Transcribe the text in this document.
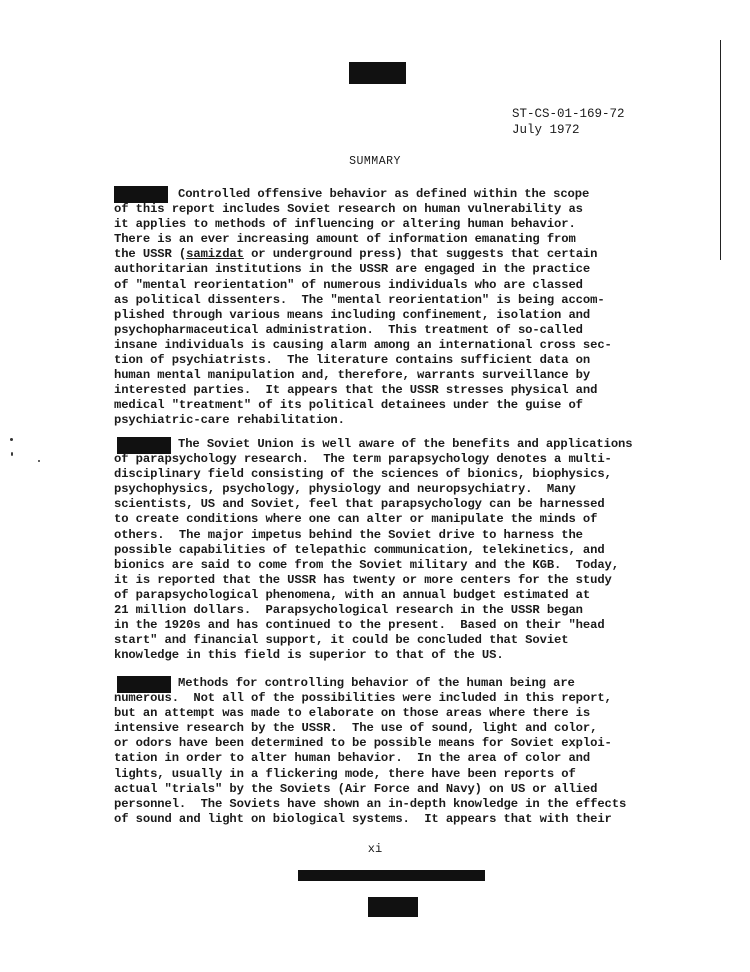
ST-CS-01-169-72
July 1972
SUMMARY
Controlled offensive behavior as defined within the scope
of this report includes Soviet research on human vulnerability as
it applies to methods of influencing or altering human behavior.
There is an ever increasing amount of information emanating from
the USSR (samizdat or underground press) that suggests that certain
authoritarian institutions in the USSR are engaged in the practice
of "mental reorientation" of numerous individuals who are classed
as political dissenters.  The "mental reorientation" is being accom-
plished through various means including confinement, isolation and
psychopharmaceutical administration.  This treatment of so-called
insane individuals is causing alarm among an international cross sec-
tion of psychiatrists.  The literature contains sufficient data on
human mental manipulation and, therefore, warrants surveillance by
interested parties.  It appears that the USSR stresses physical and
medical "treatment" of its political detainees under the guise of
psychiatric-care rehabilitation.
The Soviet Union is well aware of the benefits and applications
of parapsychology research.  The term parapsychology denotes a multi-
disciplinary field consisting of the sciences of bionics, biophysics,
psychophysics, psychology, physiology and neuropsychiatry.  Many
scientists, US and Soviet, feel that parapsychology can be harnessed
to create conditions where one can alter or manipulate the minds of
others.  The major impetus behind the Soviet drive to harness the
possible capabilities of telepathic communication, telekinetics, and
bionics are said to come from the Soviet military and the KGB.  Today,
it is reported that the USSR has twenty or more centers for the study
of parapsychological phenomena, with an annual budget estimated at
21 million dollars.  Parapsychological research in the USSR began
in the 1920s and has continued to the present.  Based on their "head
start" and financial support, it could be concluded that Soviet
knowledge in this field is superior to that of the US.
Methods for controlling behavior of the human being are
numerous.  Not all of the possibilities were included in this report,
but an attempt was made to elaborate on those areas where there is
intensive research by the USSR.  The use of sound, light and color,
or odors have been determined to be possible means for Soviet exploi-
tation in order to alter human behavior.  In the area of color and
lights, usually in a flickering mode, there have been reports of
actual "trials" by the Soviets (Air Force and Navy) on US or allied
personnel.  The Soviets have shown an in-depth knowledge in the effects
of sound and light on biological systems.  It appears that with their
xi
